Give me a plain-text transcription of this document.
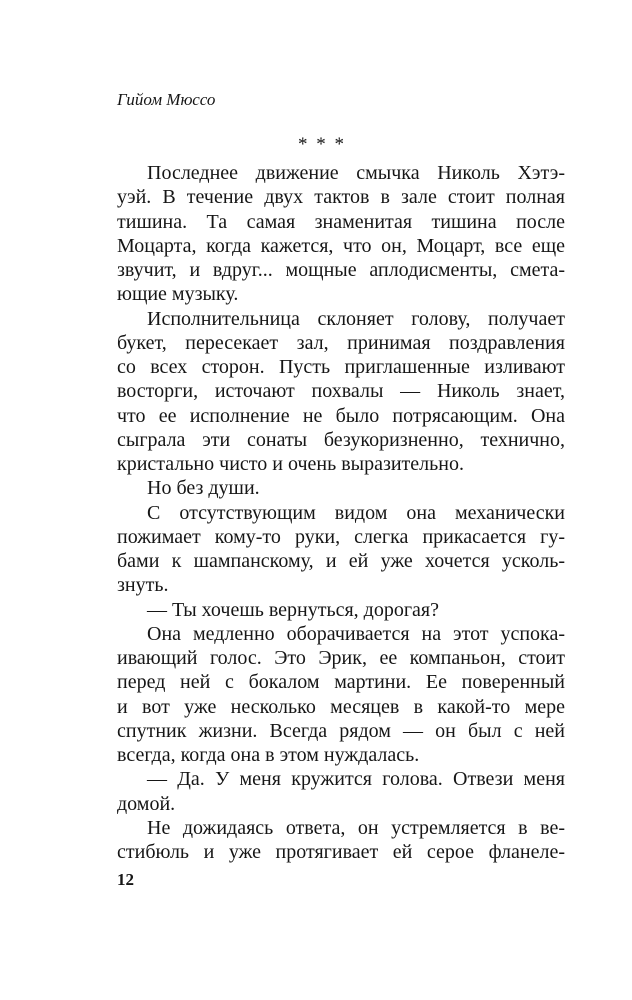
Гийом Мюссо
* * *
Последнее движение смычка Николь Хэтэ-
уэй. В течение двух тактов в зале стоит полная
тишина. Та самая знаменитая тишина после
Моцарта, когда кажется, что он, Моцарт, все еще
звучит, и вдруг... мощные аплодисменты, смета-
ющие музыку.
Исполнительница склоняет голову, получает
букет, пересекает зал, принимая поздравления
со всех сторон. Пусть приглашенные изливают
восторги, источают похвалы — Николь знает,
что ее исполнение не было потрясающим. Она
сыграла эти сонаты безукоризненно, технично,
кристально чисто и очень выразительно.
Но без души.
С отсутствующим видом она механически
пожимает кому-то руки, слегка прикасается гу-
бами к шампанскому, и ей уже хочется усколь-
знуть.
— Ты хочешь вернуться, дорогая?
Она медленно оборачивается на этот успока-
ивающий голос. Это Эрик, ее компаньон, стоит
перед ней с бокалом мартини. Ее поверенный
и вот уже несколько месяцев в какой-то мере
спутник жизни. Всегда рядом — он был с ней
всегда, когда она в этом нуждалась.
— Да. У меня кружится голова. Отвези меня
домой.
Не дожидаясь ответа, он устремляется в ве-
стибюль и уже протягивает ей серое фланеле-
12
